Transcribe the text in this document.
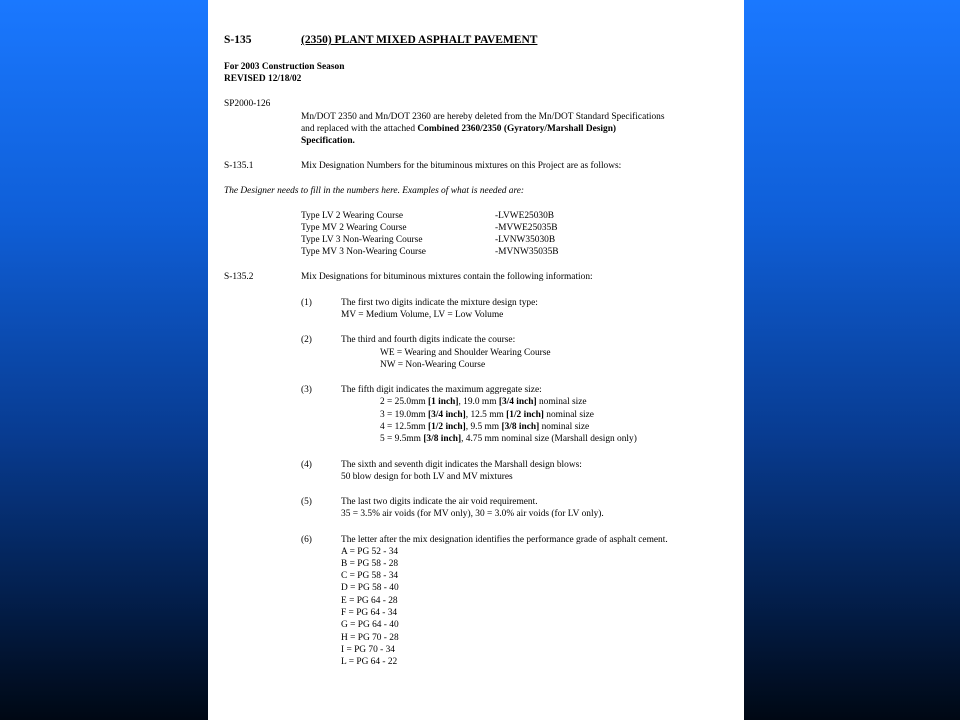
S-135	(2350) PLANT MIXED ASPHALT PAVEMENT
For 2003 Construction Season
REVISED 12/18/02
SP2000-126
Mn/DOT 2350 and Mn/DOT 2360 are hereby deleted from the Mn/DOT Standard Specifications
and replaced with the attached Combined 2360/2350 (Gyratory/Marshall Design)
Specification.
S-135.1	Mix Designation Numbers for the bituminous mixtures on this Project are as follows:
The Designer needs to fill in the numbers here. Examples of what is needed are:
Type LV 2 Wearing Course	-LVWE25030B
Type MV 2 Wearing Course	-MVWE25035B
Type LV 3 Non-Wearing Course	-LVNW35030B
Type MV 3 Non-Wearing Course	-MVNW35035B
S-135.2	Mix Designations for bituminous mixtures contain the following information:
(1)	The first two digits indicate the mixture design type:
MV = Medium Volume, LV = Low Volume
(2)	The third and fourth digits indicate the course:
WE = Wearing and Shoulder Wearing Course
NW = Non-Wearing Course
(3)	The fifth digit indicates the maximum aggregate size:
2 = 25.0mm [1 inch], 19.0 mm [3/4 inch] nominal size
3 = 19.0mm [3/4 inch], 12.5 mm [1/2 inch] nominal size
4 = 12.5mm [1/2 inch], 9.5 mm [3/8 inch] nominal size
5 = 9.5mm [3/8 inch], 4.75 mm nominal size (Marshall design only)
(4)	The sixth and seventh digit indicates the Marshall design blows:
50 blow design for both LV and MV mixtures
(5)	The last two digits indicate the air void requirement.
35 = 3.5% air voids (for MV only), 30 = 3.0% air voids (for LV only).
(6)	The letter after the mix designation identifies the performance grade of asphalt cement.
A = PG 52 - 34
B = PG 58 - 28
C = PG 58 - 34
D = PG 58 - 40
E = PG 64 - 28
F = PG 64 - 34
G = PG 64 - 40
H = PG 70 - 28
I = PG 70 - 34
L = PG 64 - 22
